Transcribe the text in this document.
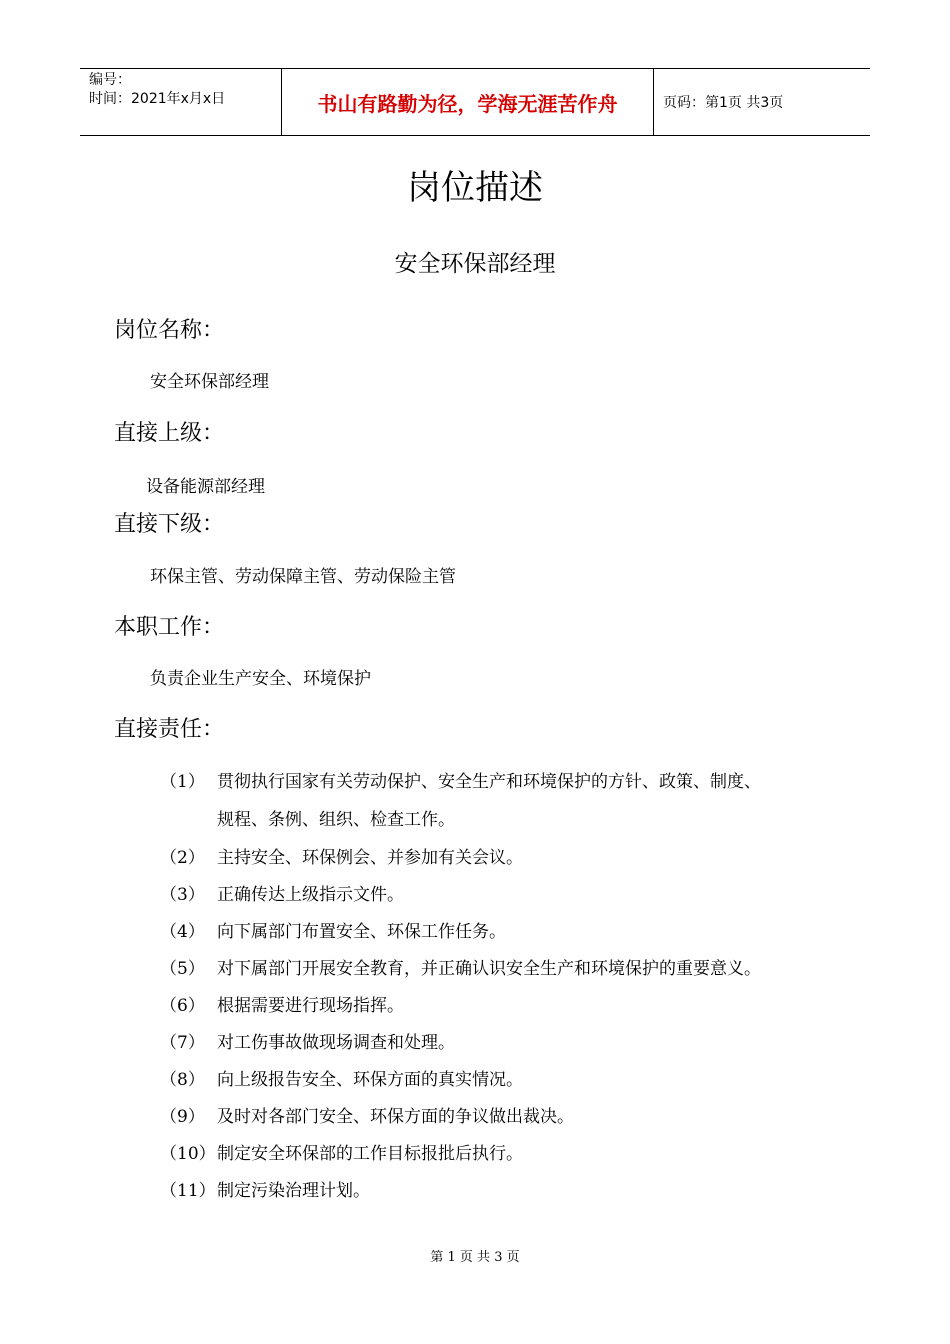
编号：
时间：2021年x月x日	书山有路勤为径，学海无涯苦作舟	页码：第1页 共3页
岗位描述
安全环保部经理
岗位名称：
安全环保部经理
直接上级：
设备能源部经理
直接下级：
环保主管、劳动保障主管、劳动保险主管
本职工作：
负责企业生产安全、环境保护
直接责任：
（1） 贯彻执行国家有关劳动保护、安全生产和环境保护的方针、政策、制度、
规程、条例、组织、检查工作。
（2） 主持安全、环保例会、并参加有关会议。
（3） 正确传达上级指示文件。
（4） 向下属部门布置安全、环保工作任务。
（5） 对下属部门开展安全教育，并正确认识安全生产和环境保护的重要意义。
（6） 根据需要进行现场指挥。
（7） 对工伤事故做现场调查和处理。
（8） 向上级报告安全、环保方面的真实情况。
（9） 及时对各部门安全、环保方面的争议做出裁决。
（10） 制定安全环保部的工作目标报批后执行。
（11） 制定污染治理计划。
第 1 页 共 3 页
